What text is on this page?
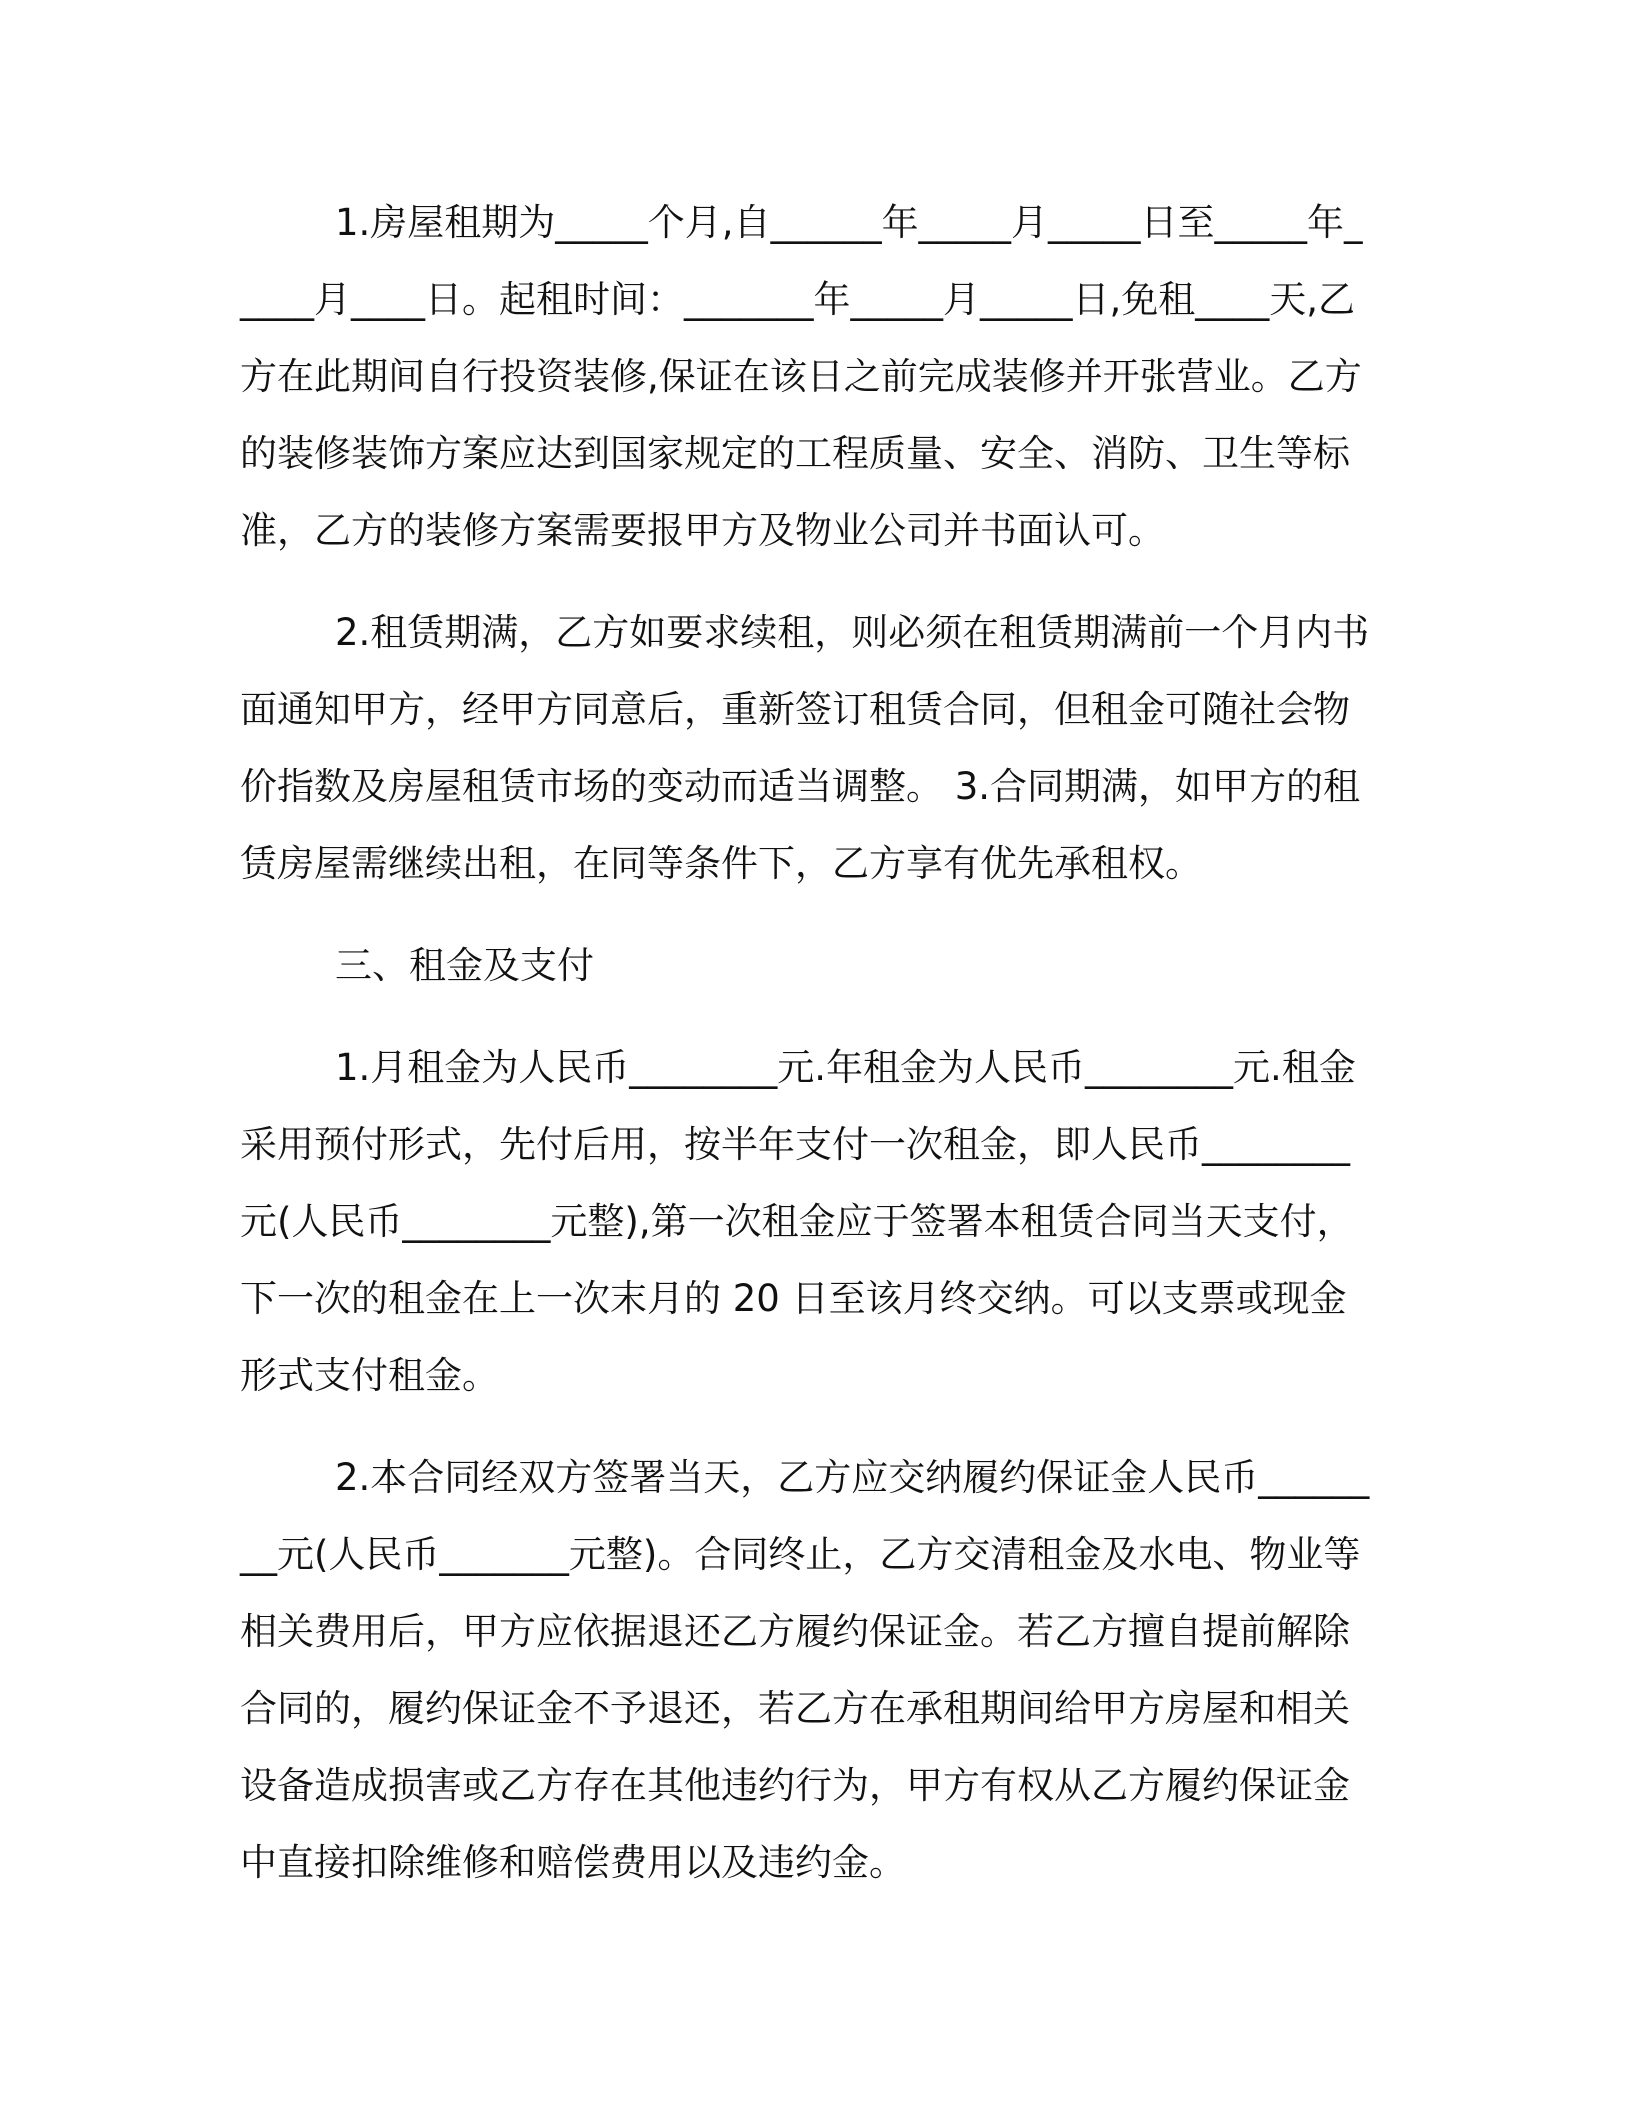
1.房屋租期为_____个月,自______年_____月_____日至_____年_____月____日。起租时间：_______年_____月_____日,免租____天,乙方在此期间自行投资装修,保证在该日之前完成装修并开张营业。乙方的装修装饰方案应达到国家规定的工程质量、安全、消防、卫生等标准，乙方的装修方案需要报甲方及物业公司并书面认可。

2.租赁期满，乙方如要求续租，则必须在租赁期满前一个月内书面通知甲方，经甲方同意后，重新签订租赁合同，但租金可随社会物价指数及房屋租赁市场的变动而适当调整。 3.合同期满，如甲方的租赁房屋需继续出租，在同等条件下，乙方享有优先承租权。

三、租金及支付

1.月租金为人民币________元.年租金为人民币________元.租金采用预付形式，先付后用，按半年支付一次租金，即人民币________元(人民币________元整),第一次租金应于签署本租赁合同当天支付，下一次的租金在上一次末月的 20 日至该月终交纳。可以支票或现金形式支付租金。

2.本合同经双方签署当天，乙方应交纳履约保证金人民币________元(人民币_______元整)。合同终止，乙方交清租金及水电、物业等相关费用后，甲方应依据退还乙方履约保证金。若乙方擅自提前解除合同的，履约保证金不予退还，若乙方在承租期间给甲方房屋和相关设备造成损害或乙方存在其他违约行为，甲方有权从乙方履约保证金中直接扣除维修和赔偿费用以及违约金。
